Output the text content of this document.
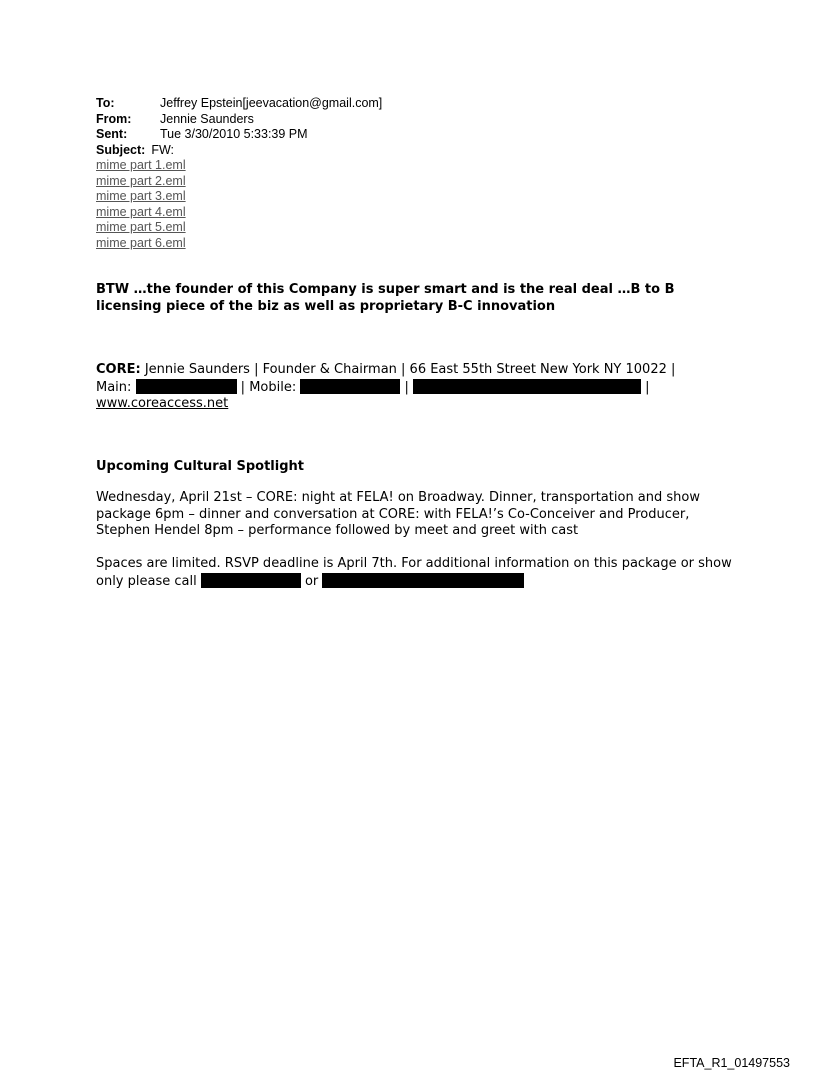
To:	Jeffrey Epstein[jeevacation@gmail.com]
From:	Jennie Saunders
Sent:	Tue 3/30/2010 5:33:39 PM
Subject: FW:
mime part 1.eml
mime part 2.eml
mime part 3.eml
mime part 4.eml
mime part 5.eml
mime part 6.eml
BTW …the founder of this Company is super smart and is the real deal …B to B licensing piece of the biz as well as proprietary B-C innovation
CORE: Jennie Saunders | Founder & Chairman | 66 East 55th Street New York NY 10022 |
Main:	| Mobile:	|	|
www.coreaccess.net
Upcoming Cultural Spotlight
Wednesday, April 21st – CORE: night at FELA! on Broadway. Dinner, transportation and show package 6pm – dinner and conversation at CORE: with FELA!’s Co-Conceiver and Producer, Stephen Hendel 8pm – performance followed by meet and greet with cast
Spaces are limited. RSVP deadline is April 7th. For additional information on this package or show only please call	or
EFTA_R1_01497553
